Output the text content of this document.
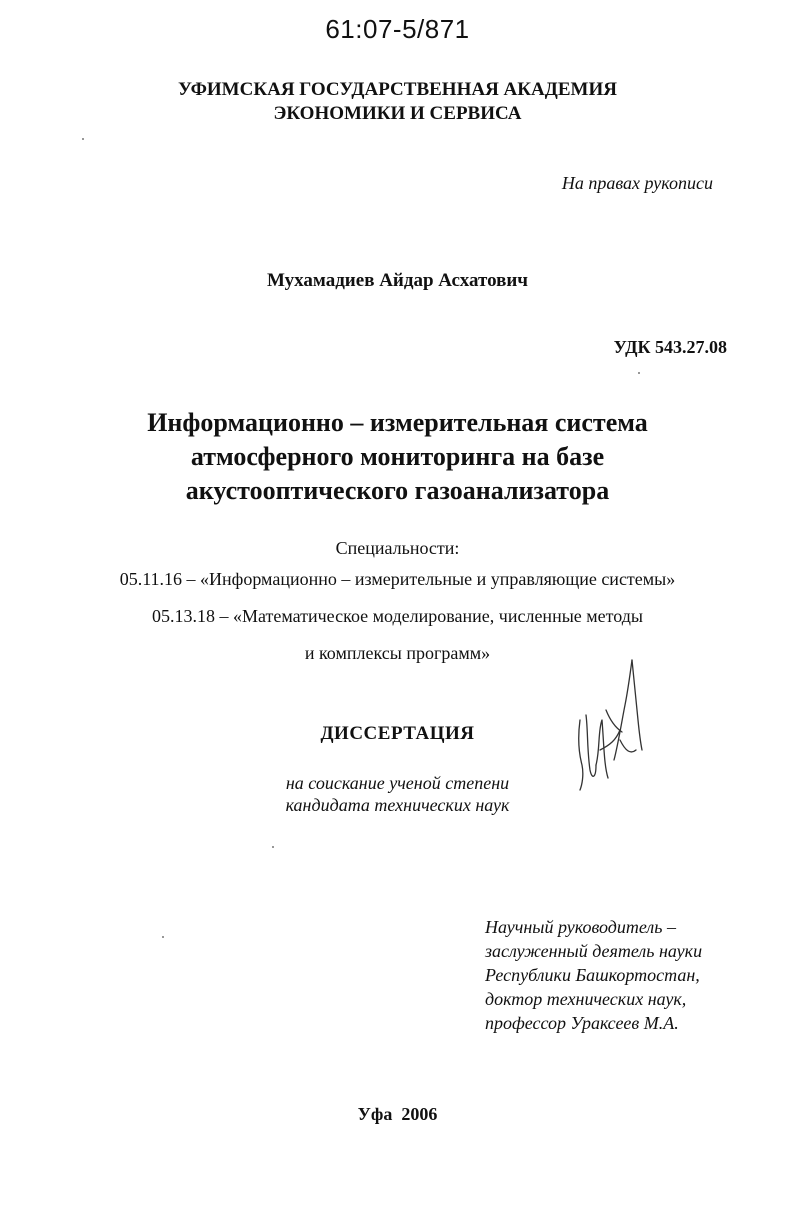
61:07-5/871
УФИМСКАЯ ГОСУДАРСТВЕННАЯ АКАДЕМИЯ
ЭКОНОМИКИ И СЕРВИСА
На правах рукописи
Мухамадиев Айдар Асхатович
УДК 543.27.08
Информационно – измерительная система
атмосферного мониторинга на базе
акустооптического газоанализатора
Специальности:
05.11.16 – «Информационно – измерительные и управляющие системы»
05.13.18 – «Математическое моделирование, численные методы
и комплексы программ»
ДИССЕРТАЦИЯ
на соискание ученой степени
кандидата технических наук
Научный руководитель –
заслуженный деятель науки
Республики Башкортостан,
доктор технических наук,
профессор Ураксеев М.А.
Уфа  2006
